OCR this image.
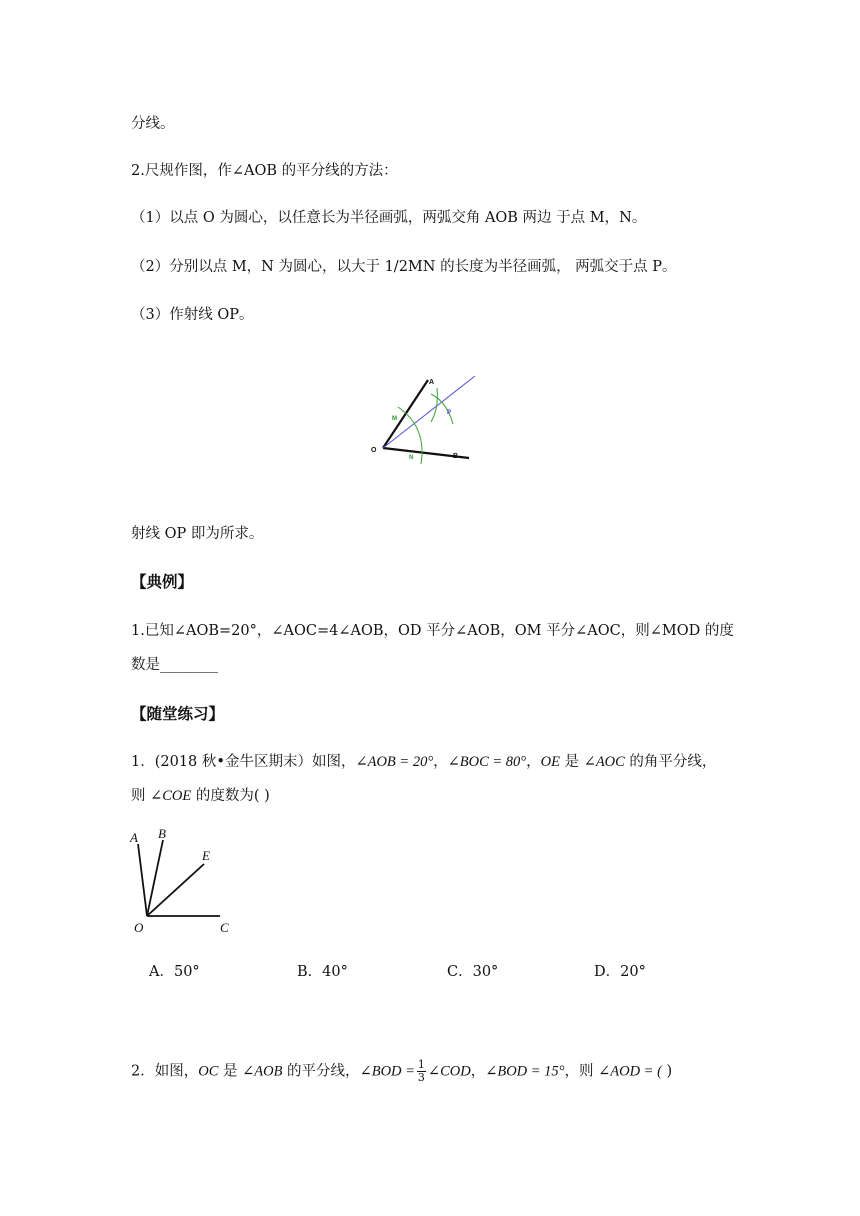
分线。
2.尺规作图，作∠AOB 的平分线的方法：
（1）以点 O 为圆心，以任意长为半径画弧，两弧交角 AOB 两边 于点 M，N。
（2）分别以点 M，N 为圆心，以大于 1/2MN 的长度为半径画弧， 两弧交于点 P。
（3）作射线 OP。
A
P
M
O
N	B
射线 OP 即为所求。
【典例】
1.已知∠AOB=20°，∠AOC=4∠AOB，OD 平分∠AOB，OM 平分∠AOC，则∠MOD 的度
数是________
【随堂练习】
1．(2018 秋•金牛区期末）如图，∠AOB = 20°，∠BOC = 80°，OE 是 ∠AOC 的角平分线，
则 ∠COE 的度数为( )
A B
E
O	C
A．50°	B．40°	C．30°	D．20°
2．如图，OC 是 ∠AOB 的平分线，∠BOD = $\frac{1}{3}$ ∠COD，∠BOD = 15°，则 ∠AOD = ( )
